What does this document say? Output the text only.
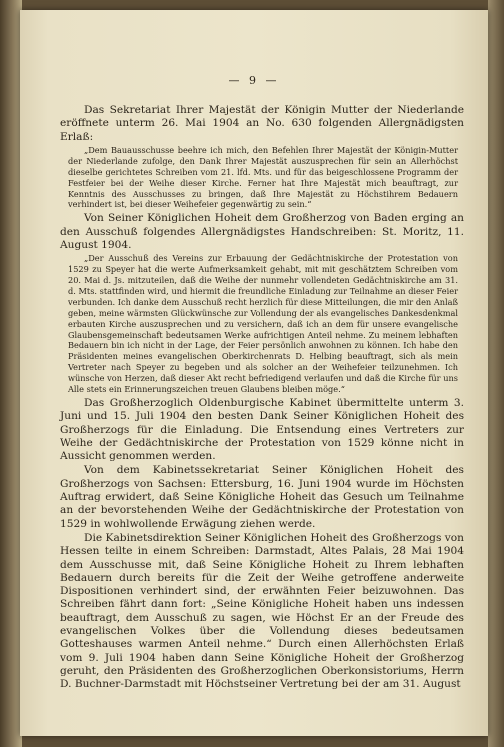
— 9 —

Das Sekretariat Ihrer Majestät der Königin Mutter der Niederlande eröffnete unterm 26. Mai 1904 an No. 630 folgenden Allergnädigsten Erlaß:

„Dem Bauausschusse beehre ich mich, den Befehlen Ihrer Majestät der Königin-Mutter der Niederlande zufolge, den Dank Ihrer Majestät auszusprechen für sein an Allerhöchst dieselbe gerichtetes Schreiben vom 21. lfd. Mts. und für das beigeschlossene Programm der Festfeier bei der Weihe dieser Kirche. Ferner hat Ihre Majestät mich beauftragt, zur Kenntnis des Ausschusses zu bringen, daß Ihre Majestät zu Höchstihrem Bedauern verhindert ist, bei dieser Weihefeier gegenwärtig zu sein.“

Von Seiner Königlichen Hoheit dem Großherzog von Baden erging an den Ausschuß folgendes Allergnädigstes Handschreiben: St. Moritz, 11. August 1904.

„Der Ausschuß des Vereins zur Erbauung der Gedächtniskirche der Protestation von 1529 zu Speyer hat die werte Aufmerksamkeit gehabt, mit mit geschätztem Schreiben vom 20. Mai d. Js. mitzuteilen, daß die Weihe der nunmehr vollendeten Gedächtniskirche am 31. d. Mts. stattfinden wird, und hiermit die freundliche Einladung zur Teilnahme an dieser Feier verbunden. Ich danke dem Ausschuß recht herzlich für diese Mitteilungen, die mir den Anlaß geben, meine wärmsten Glückwünsche zur Vollendung der als evangelisches Dankesdenkmal erbauten Kirche auszusprechen und zu versichern, daß ich an dem für unsere evangelische Glaubensgemeinschaft bedeutsamen Werke aufrichtigen Anteil nehme. Zu meinem lebhaften Bedauern bin ich nicht in der Lage, der Feier persönlich anwohnen zu können. Ich habe den Präsidenten meines evangelischen Oberkirchenrats D. Helbing beauftragt, sich als mein Vertreter nach Speyer zu begeben und als solcher an der Weihefeier teilzunehmen. Ich wünsche von Herzen, daß dieser Akt recht befriedigend verlaufen und daß die Kirche für uns Alle stets ein Erinnerungszeichen treuen Glaubens bleiben möge.“

Das Großherzoglich Oldenburgische Kabinet übermittelte unterm 3. Juni und 15. Juli 1904 den besten Dank Seiner Königlichen Hoheit des Großherzogs für die Einladung. Die Entsendung eines Vertreters zur Weihe der Gedächtniskirche der Protestation von 1529 könne nicht in Aussicht genommen werden.

Von dem Kabinetssekretariat Seiner Königlichen Hoheit des Großherzogs von Sachsen: Ettersburg, 16. Juni 1904 wurde im Höchsten Auftrag erwidert, daß Seine Königliche Hoheit das Gesuch um Teilnahme an der bevorstehenden Weihe der Gedächtniskirche der Protestation von 1529 in wohlwollende Erwägung ziehen werde.

Die Kabinetsdirektion Seiner Königlichen Hoheit des Großherzogs von Hessen teilte in einem Schreiben: Darmstadt, Altes Palais, 28 Mai 1904 dem Ausschusse mit, daß Seine Königliche Hoheit zu Ihrem lebhaften Bedauern durch bereits für die Zeit der Weihe getroffene anderweite Dispositionen verhindert sind, der erwähnten Feier beizuwohnen. Das Schreiben fährt dann fort: „Seine Königliche Hoheit haben uns indessen beauftragt, dem Ausschuß zu sagen, wie Höchst Er an der Freude des evangelischen Volkes über die Vollendung dieses bedeutsamen Gotteshauses warmen Anteil nehme.“ Durch einen Allerhöchsten Erlaß vom 9. Juli 1904 haben dann Seine Königliche Hoheit der Großherzog geruht, den Präsidenten des Großherzoglichen Oberkonsistoriums, Herrn D. Buchner-Darmstadt mit Höchstseiner Vertretung bei der am 31. August
